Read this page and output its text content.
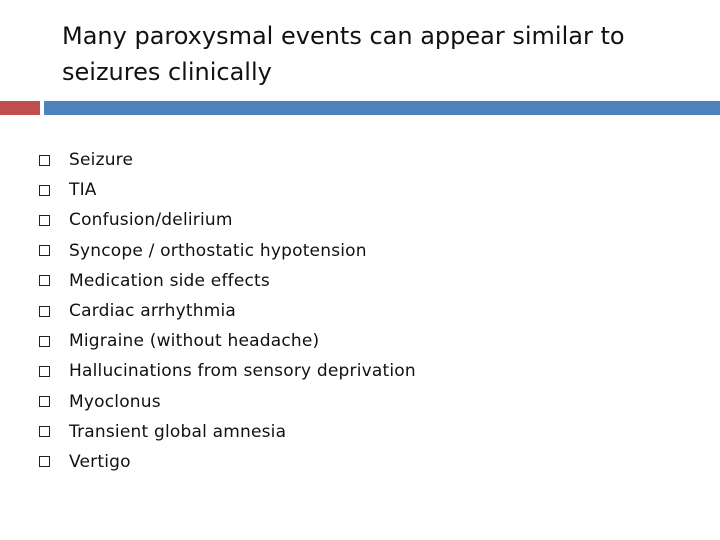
Many paroxysmal events can appear similar to seizures clinically
Seizure
TIA
Confusion/delirium
Syncope / orthostatic hypotension
Medication side effects
Cardiac arrhythmia
Migraine (without headache)
Hallucinations from sensory deprivation
Myoclonus
Transient global amnesia
Vertigo
